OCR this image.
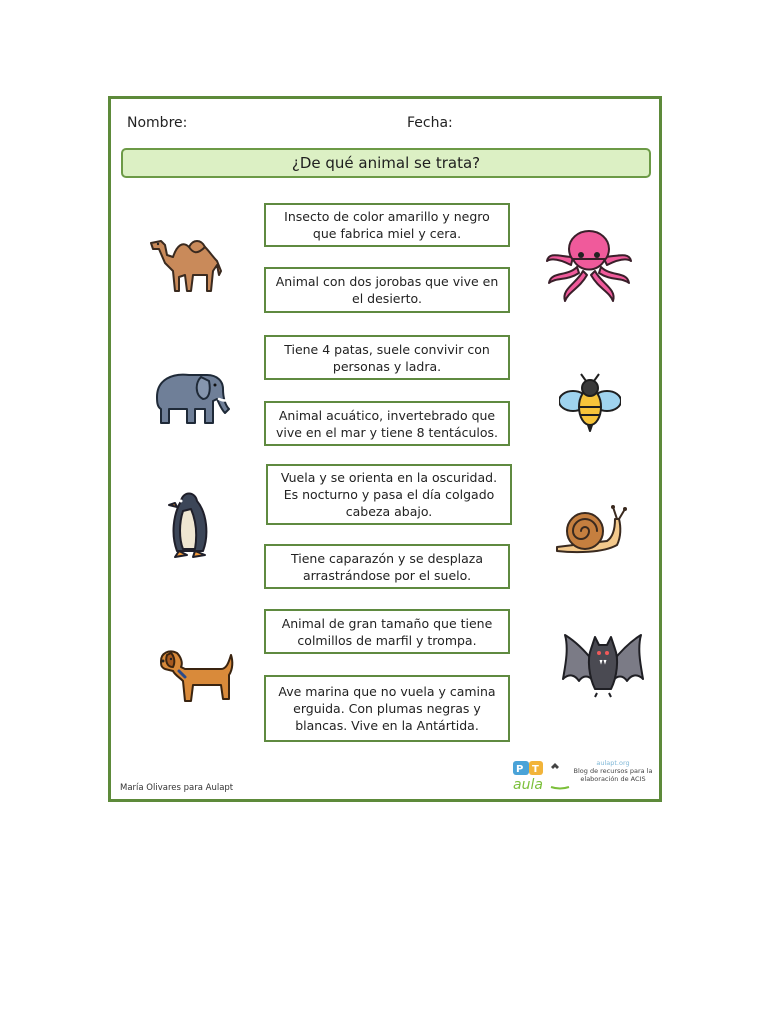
Nombre:	Fecha:
¿De qué animal se trata?
Insecto de color amarillo y negro que fabrica miel y cera.
Animal con dos jorobas que vive en el desierto.
Tiene 4 patas, suele convivir con personas y ladra.
Animal acuático, invertebrado que vive en el mar y tiene 8 tentáculos.
Vuela y se orienta en la oscuridad. Es nocturno y pasa el día colgado cabeza abajo.
Tiene caparazón y se desplaza arrastrándose por el suelo.
Animal de gran tamaño que tiene colmillos de marfil y trompa.
Ave marina que no vuela y camina erguida. Con plumas negras y blancas. Vive en la Antártida.
María Olivares para Aulapt
P T
aula
aulapt.org
Blog de recursos para la elaboración de ACIS
